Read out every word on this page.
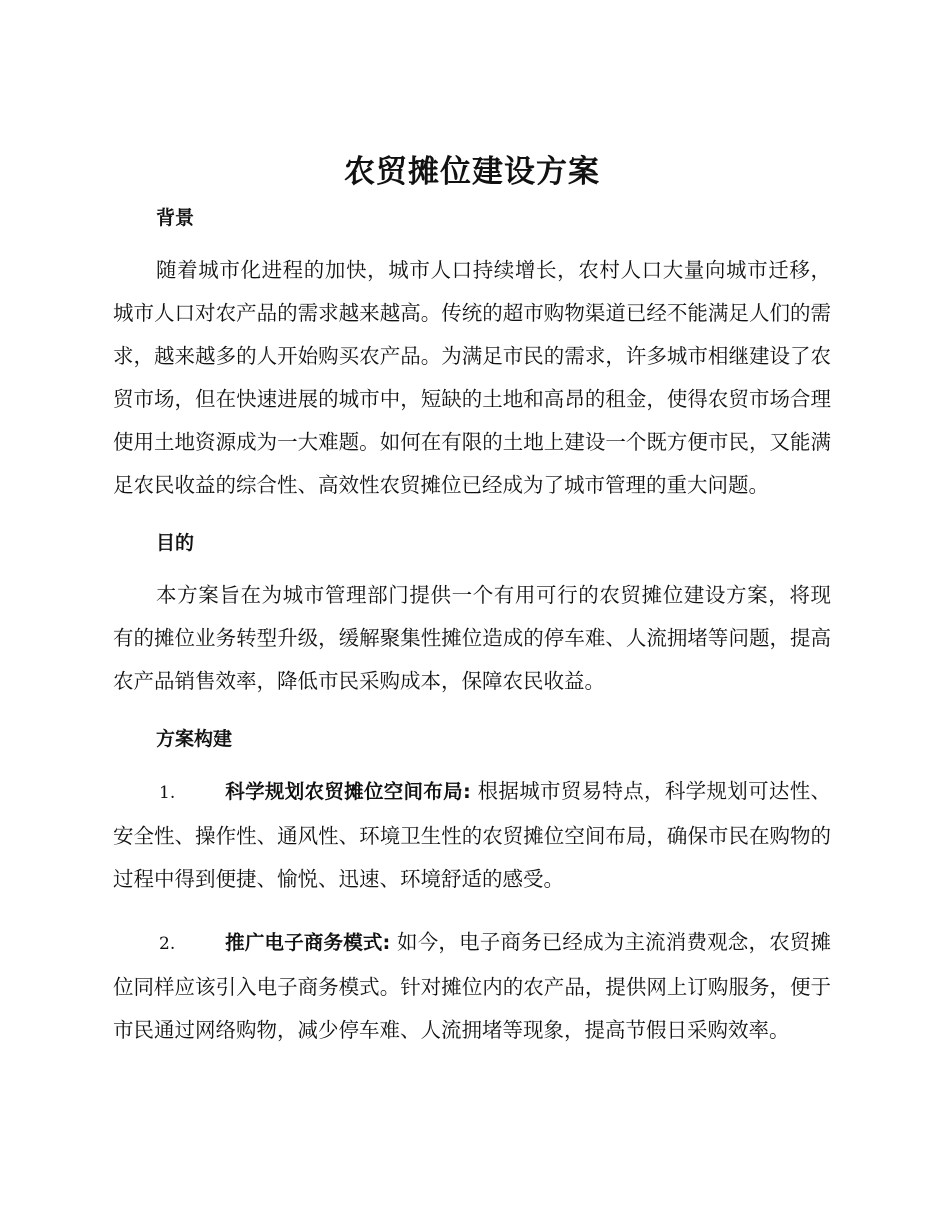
农贸摊位建设方案
背景

随着城市化进程的加快，城市人口持续增长，农村人口大量向城市迁移，城市人口对农产品的需求越来越高。传统的超市购物渠道已经不能满足人们的需求，越来越多的人开始购买农产品。为满足市民的需求，许多城市相继建设了农贸市场，但在快速进展的城市中，短缺的土地和高昂的租金，使得农贸市场合理使用土地资源成为一大难题。如何在有限的土地上建设一个既方便市民，又能满足农民收益的综合性、高效性农贸摊位已经成为了城市管理的重大问题。

目的

本方案旨在为城市管理部门提供一个有用可行的农贸摊位建设方案，将现有的摊位业务转型升级，缓解聚集性摊位造成的停车难、人流拥堵等问题，提高农产品销售效率，降低市民采购成本，保障农民收益。

方案构建

1.	科学规划农贸摊位空间布局: 根据城市贸易特点，科学规划可达性、安全性、操作性、通风性、环境卫生性的农贸摊位空间布局，确保市民在购物的过程中得到便捷、愉悦、迅速、环境舒适的感受。

2.	推广电子商务模式: 如今，电子商务已经成为主流消费观念，农贸摊位同样应该引入电子商务模式。针对摊位内的农产品，提供网上订购服务，便于市民通过网络购物，减少停车难、人流拥堵等现象，提高节假日采购效率。
